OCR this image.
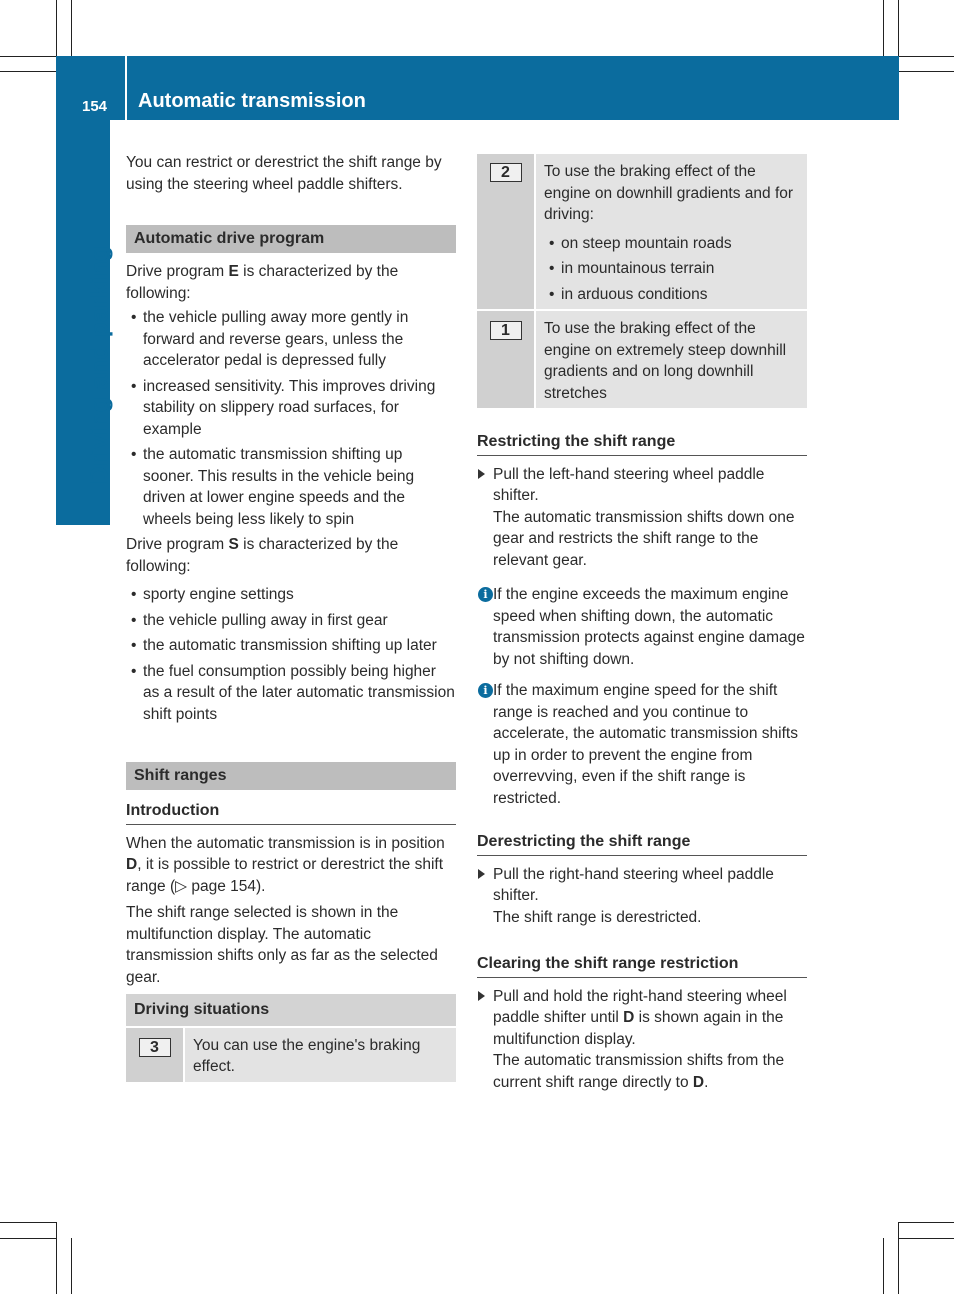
154 Automatic transmission
Driving and parking

You can restrict or derestrict the shift range by using the steering wheel paddle shifters.

Automatic drive program

Drive program E is characterized by the following:

• the vehicle pulling away more gently in forward and reverse gears, unless the accelerator pedal is depressed fully
• increased sensitivity. This improves driving stability on slippery road surfaces, for example
• the automatic transmission shifting up sooner. This results in the vehicle being driven at lower engine speeds and the wheels being less likely to spin

Drive program S is characterized by the following:

• sporty engine settings
• the vehicle pulling away in first gear
• the automatic transmission shifting up later
• the fuel consumption possibly being higher as a result of the later automatic transmission shift points
Shift ranges
Introduction

When the automatic transmission is in position D, it is possible to restrict or derestrict the shift range (▷ page 154).

The shift range selected is shown in the multifunction display. The automatic transmission shifts only as far as the selected gear.

Driving situations
3	You can use the engine's braking effect.
2	To use the braking effect of the engine on downhill gradients and for driving:

• on steep mountain roads
• in mountainous terrain
• in arduous conditions
1	To use the braking effect of the engine on extremely steep downhill gradients and on long downhill stretches
Restricting the shift range

Pull the left-hand steering wheel paddle shifter.

The automatic transmission shifts down one gear and restricts the shift range to the relevant gear.

i If the engine exceeds the maximum engine speed when shifting down, the automatic transmission protects against engine damage by not shifting down.

i If the maximum engine speed for the shift range is reached and you continue to accelerate, the automatic transmission shifts up in order to prevent the engine from overrevving, even if the shift range is restricted.

Derestricting the shift range

Pull the right-hand steering wheel paddle shifter.

The shift range is derestricted.

Clearing the shift range restriction

Pull and hold the right-hand steering wheel paddle shifter until D is shown again in the multifunction display.

The automatic transmission shifts from the current shift range directly to D.
